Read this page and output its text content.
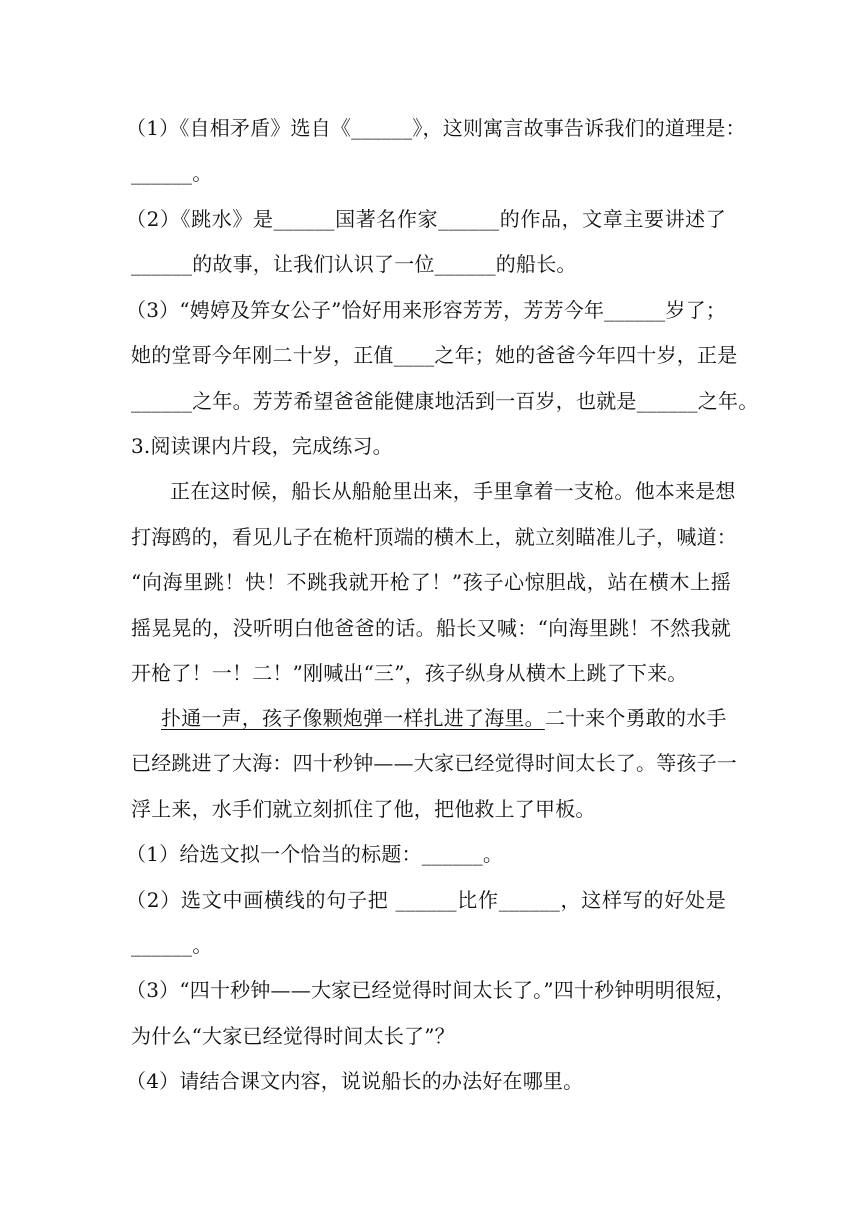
（1）《自相矛盾》选自《______》，这则寓言故事告诉我们的道理是：
______。
（2）《跳水》是______国著名作家______的作品，文章主要讲述了
______的故事，让我们认识了一位______的船长。
（3）“娉婷及笄女公子”恰好用来形容芳芳，芳芳今年______岁了；
她的堂哥今年刚二十岁，正值____之年；她的爸爸今年四十岁，正是
______之年。芳芳希望爸爸能健康地活到一百岁，也就是______之年。
3.阅读课内片段，完成练习。
正在这时候，船长从船舱里出来，手里拿着一支枪。他本来是想
打海鸥的，看见儿子在桅杆顶端的横木上，就立刻瞄准儿子，喊道：
“向海里跳！快！不跳我就开枪了！”孩子心惊胆战，站在横木上摇
摇晃晃的，没听明白他爸爸的话。船长又喊：“向海里跳！不然我就
开枪了！一！二！”刚喊出“三”，孩子纵身从横木上跳了下来。
扑通一声，孩子像颗炮弹一样扎进了海里。二十来个勇敢的水手
已经跳进了大海：四十秒钟——大家已经觉得时间太长了。等孩子一
浮上来，水手们就立刻抓住了他，把他救上了甲板。
（1）给选文拟一个恰当的标题：______。
（2）选文中画横线的句子把 ______比作______，这样写的好处是
______。
（3）“四十秒钟——大家已经觉得时间太长了。”四十秒钟明明很短，
为什么“大家已经觉得时间太长了”？
（4）请结合课文内容，说说船长的办法好在哪里。
